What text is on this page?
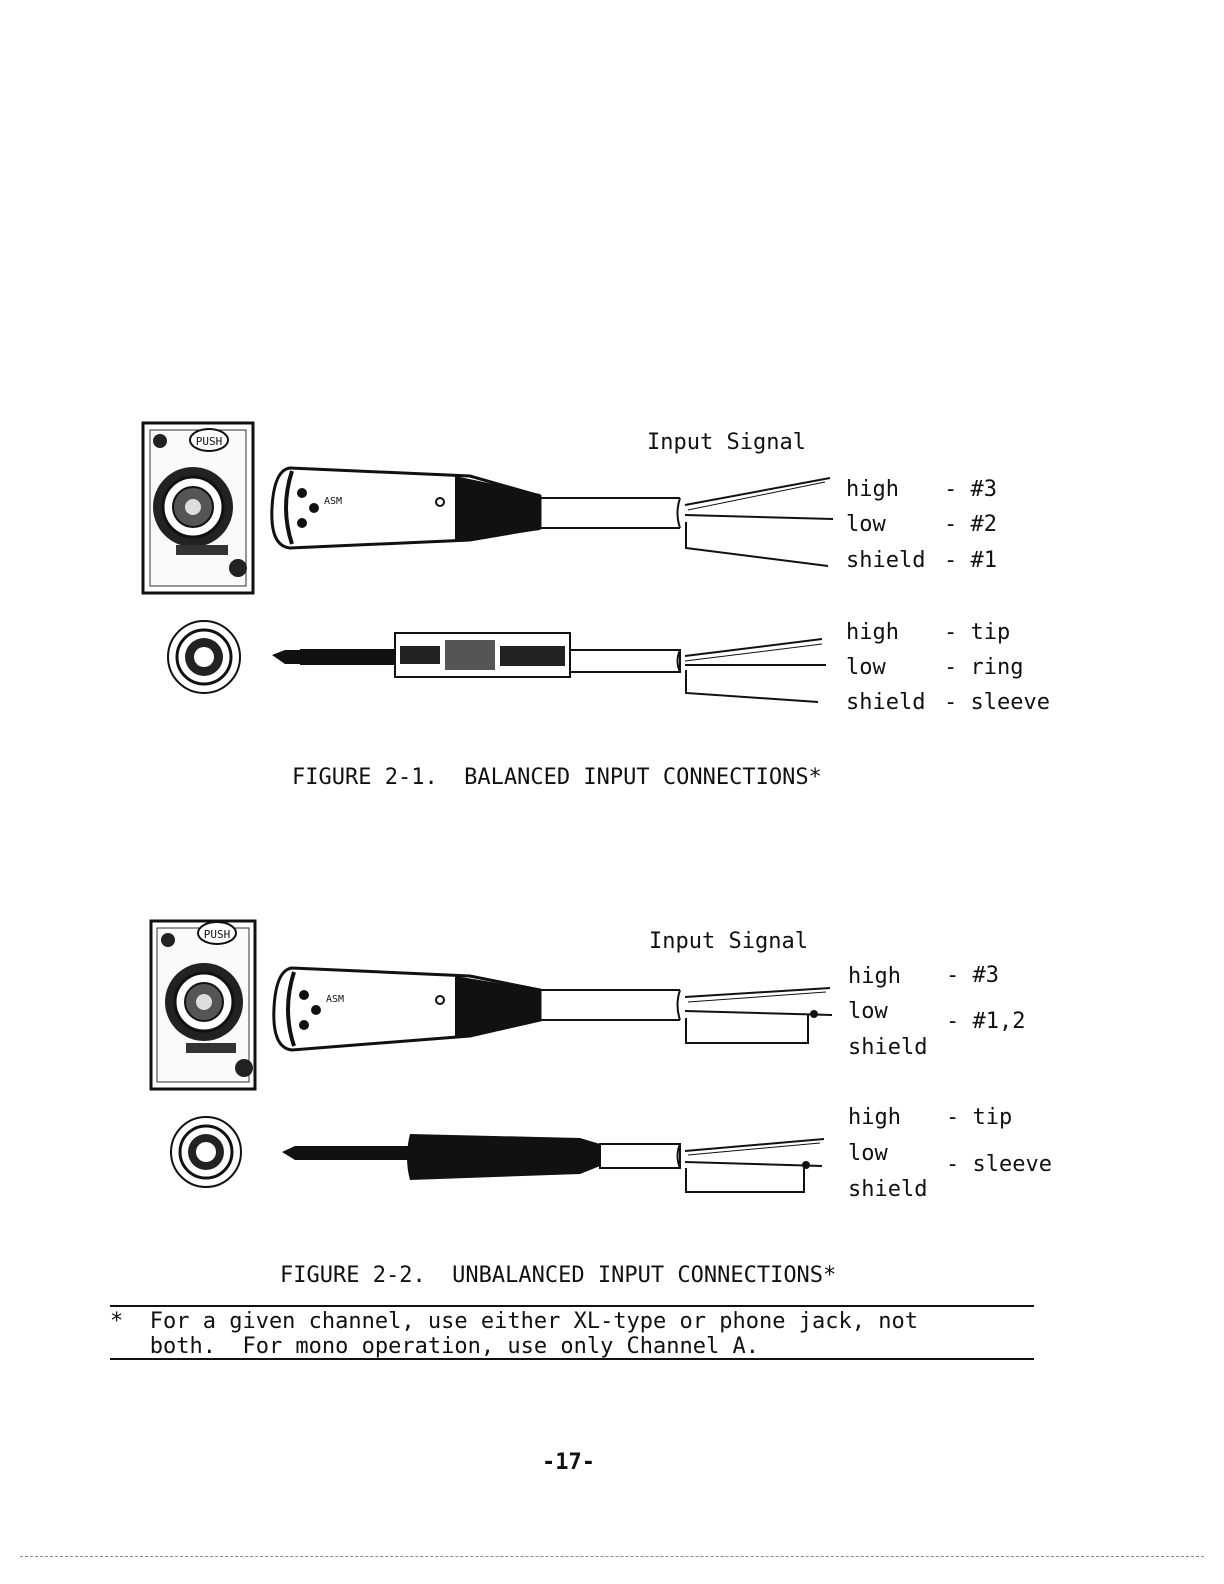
PUSH
ASM
Input Signal
high - #3
low	- #2
shield - #1
high - tip
low	- ring
shield - sleeve
FIGURE 2-1.  BALANCED INPUT CONNECTIONS*
PUSH
ASM
Input Signal
high
low
shield
- #3
- #1,2
high
low
shield
- tip
- sleeve
FIGURE 2-2.  UNBALANCED INPUT CONNECTIONS*
*  For a given channel, use either XL-type or phone jack, not
both.  For mono operation, use only Channel A.
-17-
